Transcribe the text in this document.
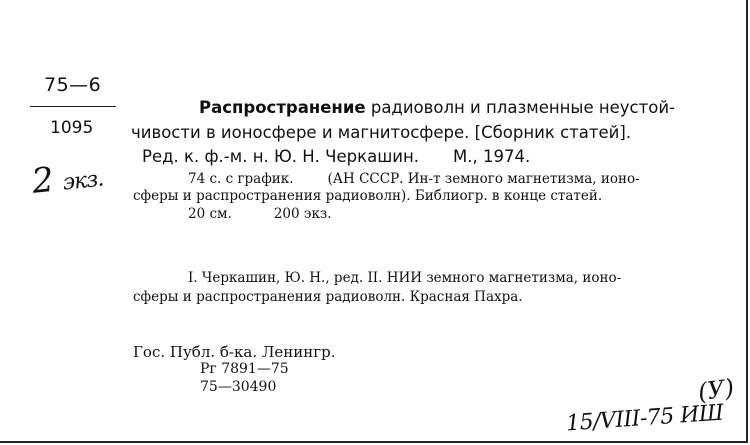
75—6
1095
2 экз.
Распространение радиоволн и плазменные неустой-
чивости в ионосфере и магнитосфере. [Сборник статей].
Ред. к. ф.-м. н. Ю. Н. Черкашин. М., 1974.
74 с. с график.	(АН СССР. Ин-т земного магнетизма, ионо-
сферы и распространения радиоволн). Библиогр. в конце статей.
20 см.	200 экз.
I. Черкашин, Ю. Н., ред. II. НИИ земного магнетизма, ионо-
сферы и распространения радиоволн. Красная Пахра.
Гос. Публ. б-ка. Ленингр.
Рг 7891—75
75—30490	(У)
15/VIII-75 ИШ
